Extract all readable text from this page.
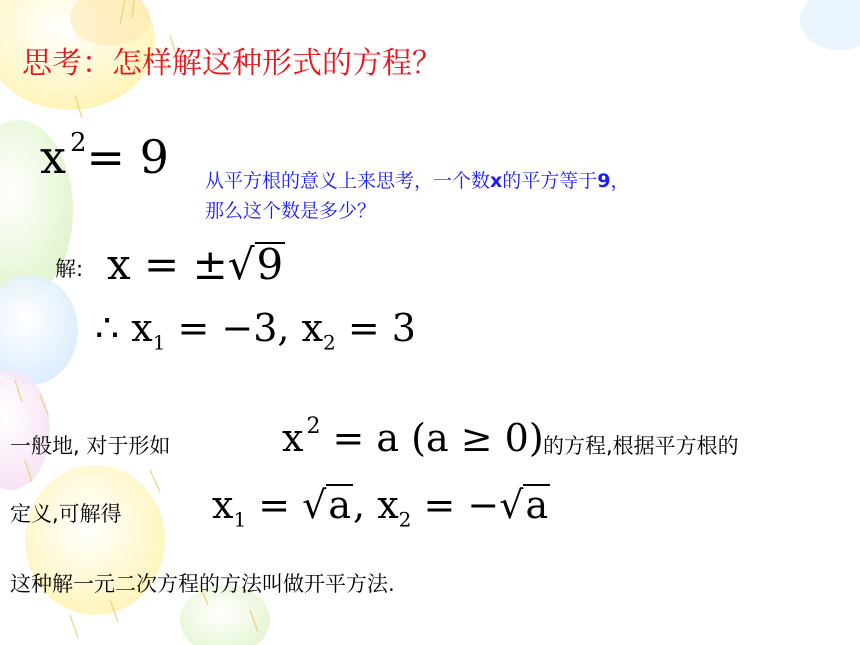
思考：怎样解这种形式的方程？
x $^2$= 9 从平方根的意义上来思考，一个数x的平方等于9，
那么这个数是多少？
解: x = ±√9
∴ $x_1 = -3$, $x_2 = 3$
一般地, 对于形如	x $^2$ = a (a ≥ 0) 的方程,根据平方根的
定义,可解得 $x_1 = √a$, $x_2 = -√a$
这种解一元二次方程的方法叫做开平方法.
